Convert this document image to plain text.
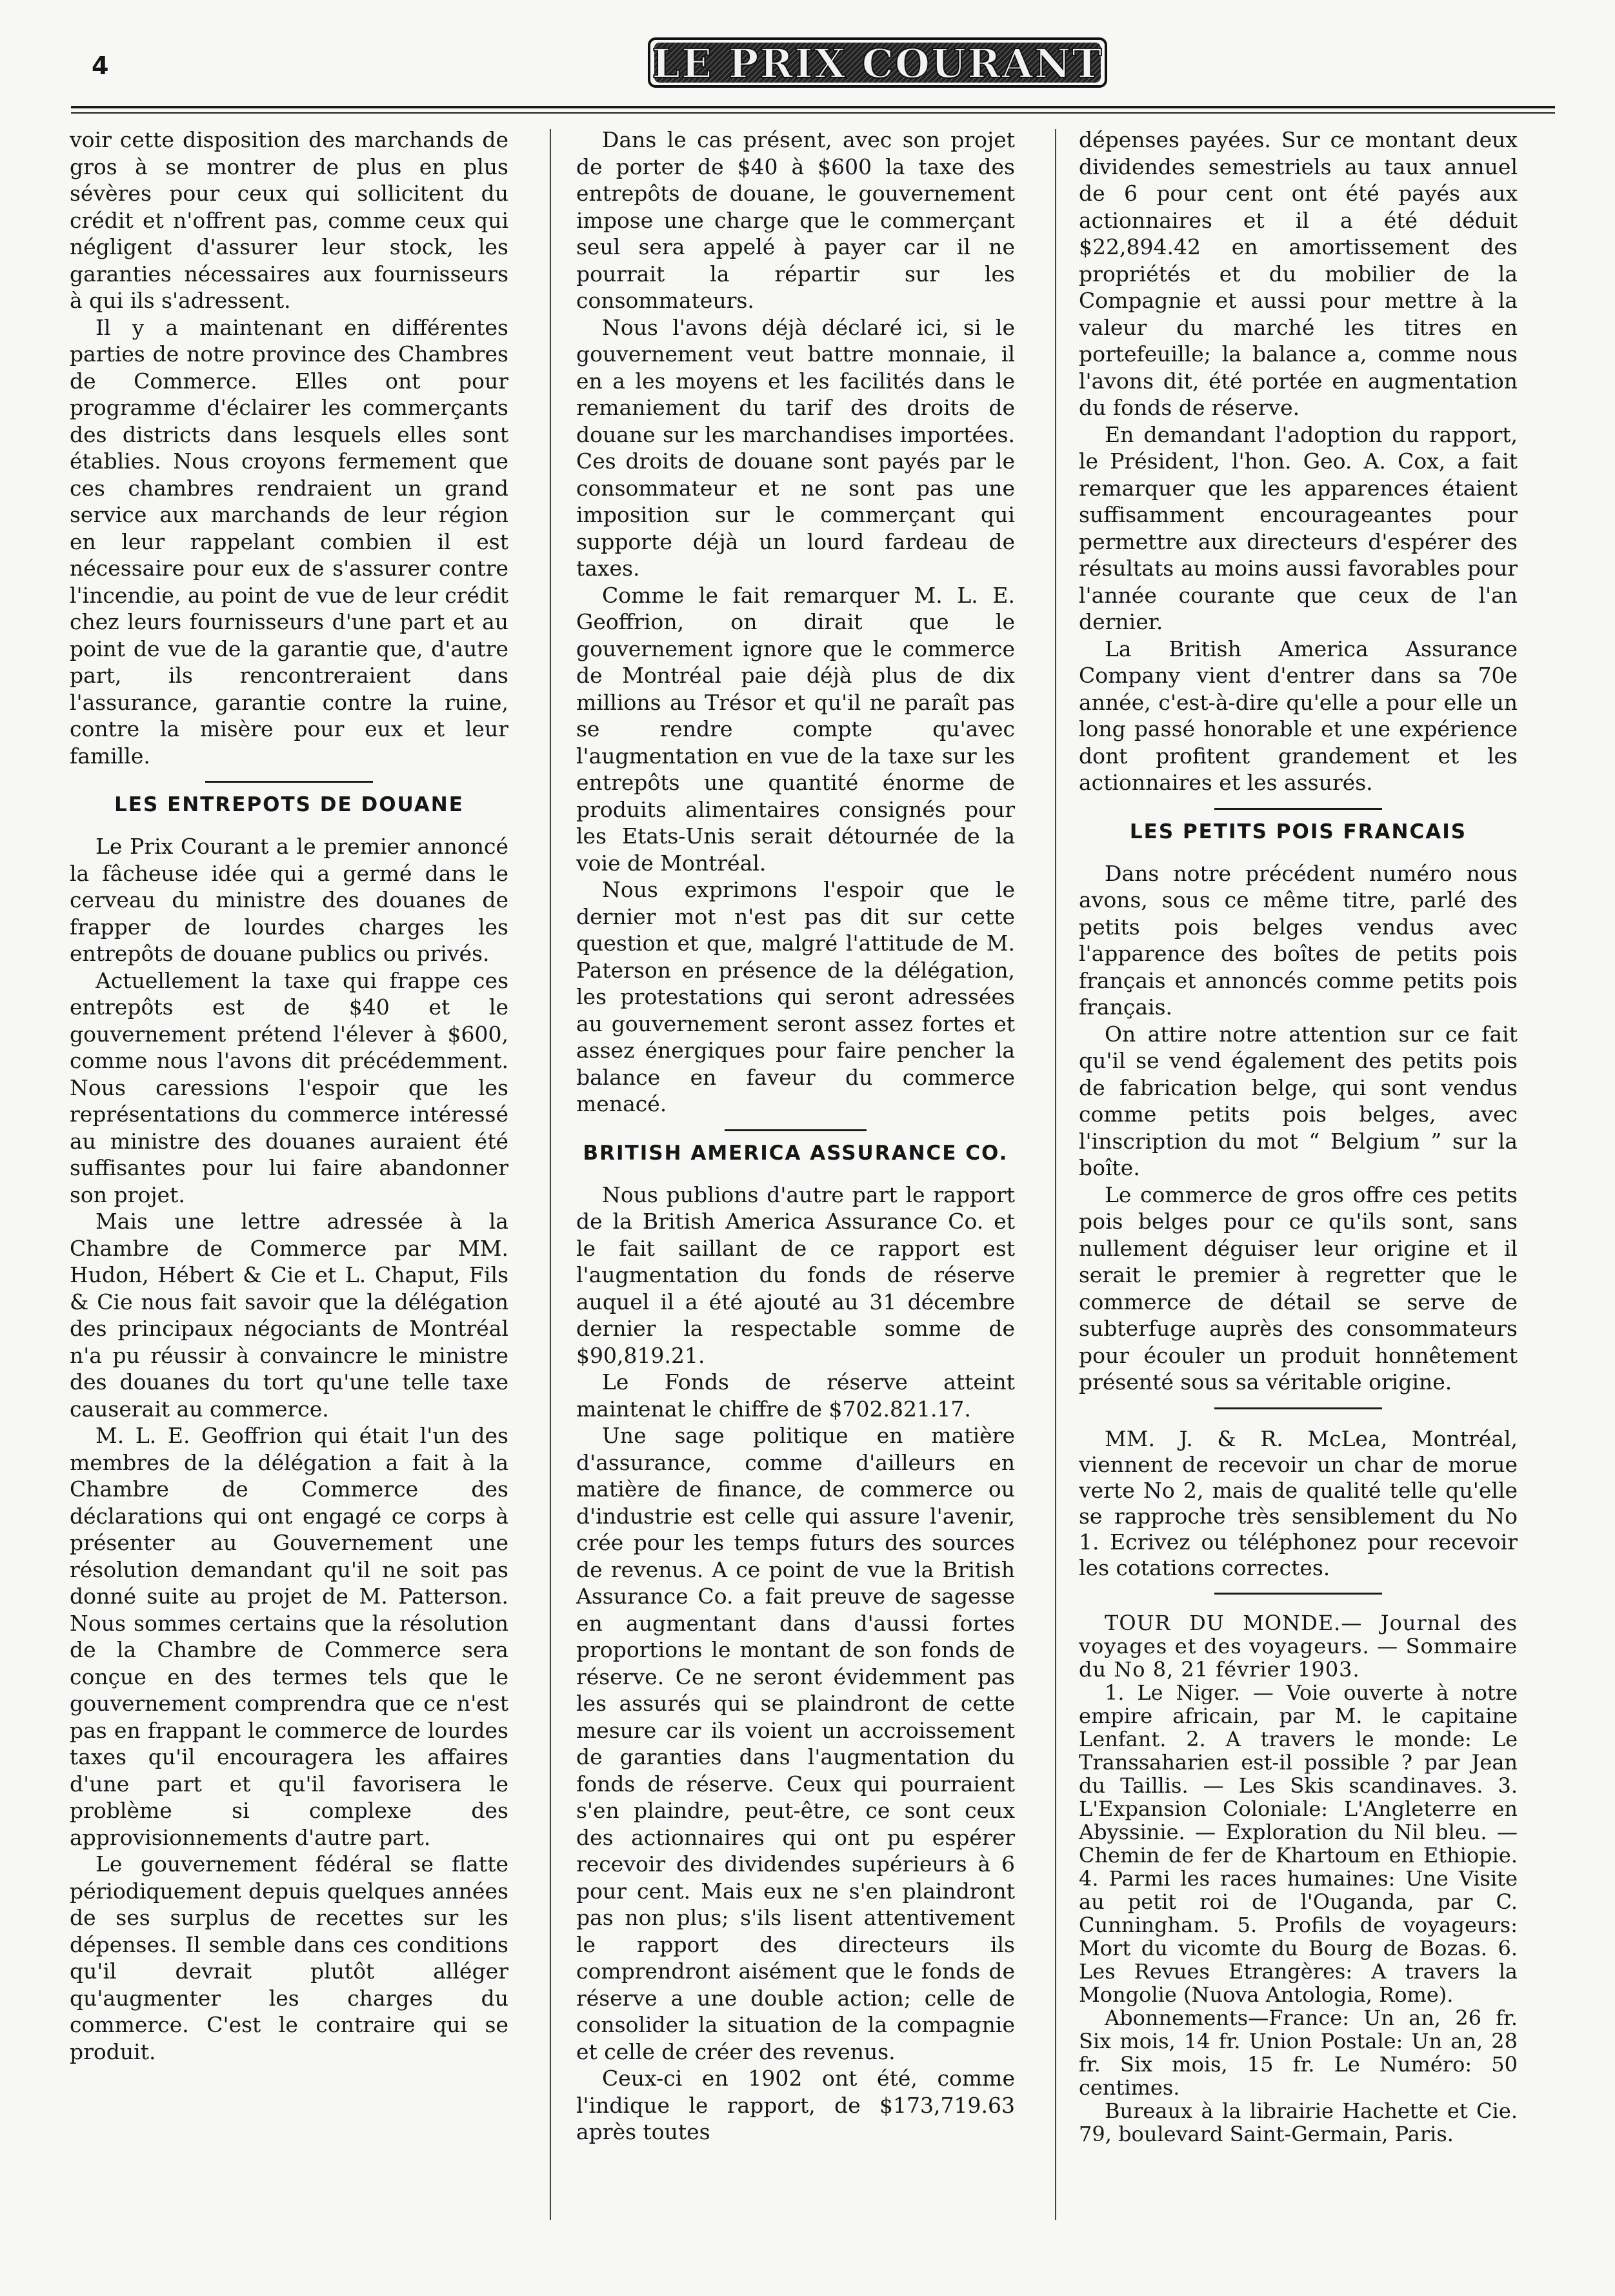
4	LE PRIX COURANT

voir cette disposition des marchands de gros à se montrer de plus en plus sévères pour ceux qui sollicitent du crédit et n'offrent pas, comme ceux qui négligent d'assurer leur stock, les garanties nécessaires aux fournisseurs à qui ils s'adressent.

Il y a maintenant en différentes parties de notre province des Chambres de Commerce. Elles ont pour programme d'éclairer les commerçants des districts dans lesquels elles sont établies. Nous croyons fermement que ces chambres rendraient un grand service aux marchands de leur région en leur rappelant combien il est nécessaire pour eux de s'assurer contre l'incendie, au point de vue de leur crédit chez leurs fournisseurs d'une part et au point de vue de la garantie que, d'autre part, ils rencontreraient dans l'assurance, garantie contre la ruine, contre la misère pour eux et leur famille.

LES ENTREPOTS DE DOUANE

Le Prix Courant a le premier annoncé la fâcheuse idée qui a germé dans le cerveau du ministre des douanes de frapper de lourdes charges les entrepôts de douane publics ou privés.

Actuellement la taxe qui frappe ces entrepôts est de $40 et le gouvernement prétend l'élever à $600, comme nous l'avons dit précédemment. Nous caressions l'espoir que les représentations du commerce intéressé au ministre des douanes auraient été suffisantes pour lui faire abandonner son projet.

Mais une lettre adressée à la Chambre de Commerce par MM. Hudon, Hébert & Cie et L. Chaput, Fils & Cie nous fait savoir que la délégation des principaux négociants de Montréal n'a pu réussir à convaincre le ministre des douanes du tort qu'une telle taxe causerait au commerce.

M. L. E. Geoffrion qui était l'un des membres de la délégation a fait à la Chambre de Commerce des déclarations qui ont engagé ce corps à présenter au Gouvernement une résolution demandant qu'il ne soit pas donné suite au projet de M. Patterson. Nous sommes certains que la résolution de la Chambre de Commerce sera conçue en des termes tels que le gouvernement comprendra que ce n'est pas en frappant le commerce de lourdes taxes qu'il encouragera les affaires d'une part et qu'il favorisera le problème si complexe des approvisionnements d'autre part.

Le gouvernement fédéral se flatte périodiquement depuis quelques années de ses surplus de recettes sur les dépenses. Il semble dans ces conditions qu'il devrait plutôt alléger qu'augmenter les charges du commerce. C'est le contraire qui se produit.

Dans le cas présent, avec son projet de porter de $40 à $600 la taxe des entrepôts de douane, le gouvernement impose une charge que le commerçant seul sera appelé à payer car il ne pourrait la répartir sur les consommateurs.

Nous l'avons déjà déclaré ici, si le gouvernement veut battre monnaie, il en a les moyens et les facilités dans le remaniement du tarif des droits de douane sur les marchandises importées. Ces droits de douane sont payés par le consommateur et ne sont pas une imposition sur le commerçant qui supporte déjà un lourd fardeau de taxes.

Comme le fait remarquer M. L. E. Geoffrion, on dirait que le gouvernement ignore que le commerce de Montréal paie déjà plus de dix millions au Trésor et qu'il ne paraît pas se rendre compte qu'avec l'augmentation en vue de la taxe sur les entrepôts une quantité énorme de produits alimentaires consignés pour les Etats-Unis serait détournée de la voie de Montréal.

Nous exprimons l'espoir que le dernier mot n'est pas dit sur cette question et que, malgré l'attitude de M. Paterson en présence de la délégation, les protestations qui seront adressées au gouvernement seront assez fortes et assez énergiques pour faire pencher la balance en faveur du commerce menacé.

BRITISH AMERICA ASSURANCE CO.

Nous publions d'autre part le rapport de la British America Assurance Co. et le fait saillant de ce rapport est l'augmentation du fonds de réserve auquel il a été ajouté au 31 décembre dernier la respectable somme de $90,819.21.

Le Fonds de réserve atteint maintenat le chiffre de $702.821.17.

Une sage politique en matière d'assurance, comme d'ailleurs en matière de finance, de commerce ou d'industrie est celle qui assure l'avenir, crée pour les temps futurs des sources de revenus. A ce point de vue la British Assurance Co. a fait preuve de sagesse en augmentant dans d'aussi fortes proportions le montant de son fonds de réserve. Ce ne seront évidemment pas les assurés qui se plaindront de cette mesure car ils voient un accroissement de garanties dans l'augmentation du fonds de réserve. Ceux qui pourraient s'en plaindre, peut-être, ce sont ceux des actionnaires qui ont pu espérer recevoir des dividendes supérieurs à 6 pour cent. Mais eux ne s'en plaindront pas non plus; s'ils lisent attentivement le rapport des directeurs ils comprendront aisément que le fonds de réserve a une double action; celle de consolider la situation de la compagnie et celle de créer des revenus.

Ceux-ci en 1902 ont été, comme l'indique le rapport, de $173,719.63 après toutes

dépenses payées. Sur ce montant deux dividendes semestriels au taux annuel de 6 pour cent ont été payés aux actionnaires et il a été déduit $22,894.42 en amortissement des propriétés et du mobilier de la Compagnie et aussi pour mettre à la valeur du marché les titres en portefeuille; la balance a, comme nous l'avons dit, été portée en augmentation du fonds de réserve.

En demandant l'adoption du rapport, le Président, l'hon. Geo. A. Cox, a fait remarquer que les apparences étaient suffisamment encourageantes pour permettre aux directeurs d'espérer des résultats au moins aussi favorables pour l'année courante que ceux de l'an dernier.

La British America Assurance Company vient d'entrer dans sa 70e année, c'est-à-dire qu'elle a pour elle un long passé honorable et une expérience dont profitent grandement et les actionnaires et les assurés.

LES PETITS POIS FRANCAIS

Dans notre précédent numéro nous avons, sous ce même titre, parlé des petits pois belges vendus avec l'apparence des boîtes de petits pois français et annoncés comme petits pois français.

On attire notre attention sur ce fait qu'il se vend également des petits pois de fabrication belge, qui sont vendus comme petits pois belges, avec l'inscription du mot “ Belgium ” sur la boîte.

Le commerce de gros offre ces petits pois belges pour ce qu'ils sont, sans nullement déguiser leur origine et il serait le premier à regretter que le commerce de détail se serve de subterfuge auprès des consommateurs pour écouler un produit honnêtement présenté sous sa véritable origine.

MM. J. & R. McLea, Montréal, viennent de recevoir un char de morue verte No 2, mais de qualité telle qu'elle se rapproche très sensiblement du No 1. Ecrivez ou téléphonez pour recevoir les cotations correctes.

TOUR DU MONDE.— Journal des voyages et des voyageurs. — Sommaire du No 8, 21 février 1903.

1. Le Niger. — Voie ouverte à notre empire africain, par M. le capitaine Lenfant. 2. A travers le monde: Le Transsaharien est-il possible ? par Jean du Taillis. — Les Skis scandinaves. 3. L'Expansion Coloniale: L'Angleterre en Abyssinie. — Exploration du Nil bleu. — Chemin de fer de Khartoum en Ethiopie. 4. Parmi les races humaines: Une Visite au petit roi de l'Ouganda, par C. Cunningham. 5. Profils de voyageurs: Mort du vicomte du Bourg de Bozas. 6. Les Revues Etrangères: A travers la Mongolie (Nuova Antologia, Rome).

Abonnements—France: Un an, 26 fr. Six mois, 14 fr. Union Postale: Un an, 28 fr. Six mois, 15 fr. Le Numéro: 50 centimes.

Bureaux à la librairie Hachette et Cie. 79, boulevard Saint-Germain, Paris.
